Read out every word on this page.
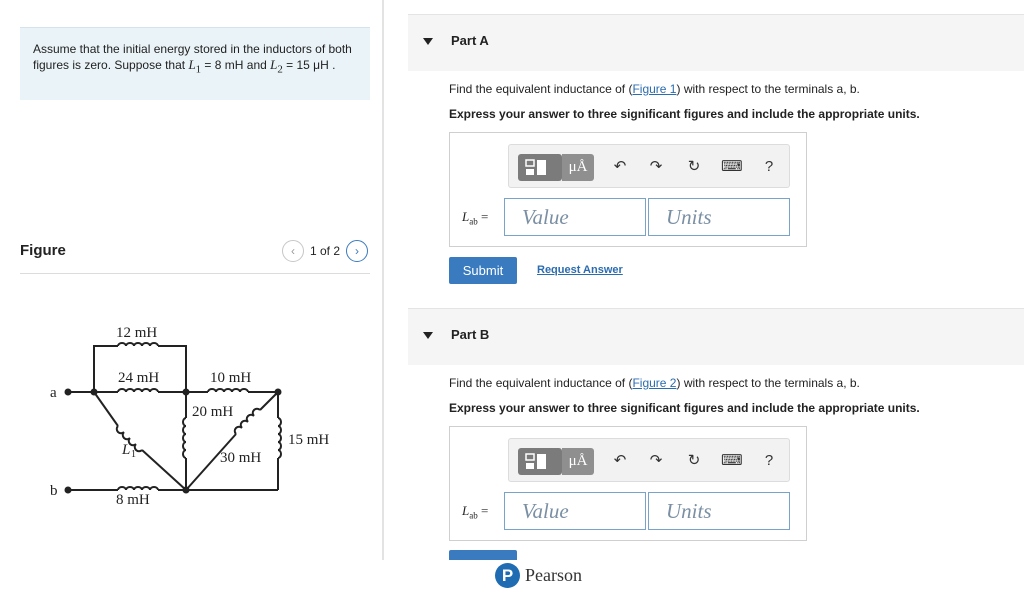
Assume that the initial energy stored in the inductors of both figures is zero. Suppose that $L_1 = 8$ mH and $L_2 = 15$ μH .
Figure	‹ 1 of 2 ›
12 mH
24 mH	10 mH
20 mH
15 mH
30 mH
L 1
8 mH
a
b
Part A
Find the equivalent inductance of (Figure 1) with respect to the terminals a, b.
Express your answer to three significant figures and include the appropriate units.
μÅ	↶ ↷ ↻ ⌨	?
$L_{ab}$ =	Value	Units
Submit	Request Answer
Part B
Find the equivalent inductance of (Figure 2) with respect to the terminals a, b.
Express your answer to three significant figures and include the appropriate units.
μÅ	↶ ↷ ↻ ⌨	?
$L_{ab}$ =	Value	Units
P Pearson
